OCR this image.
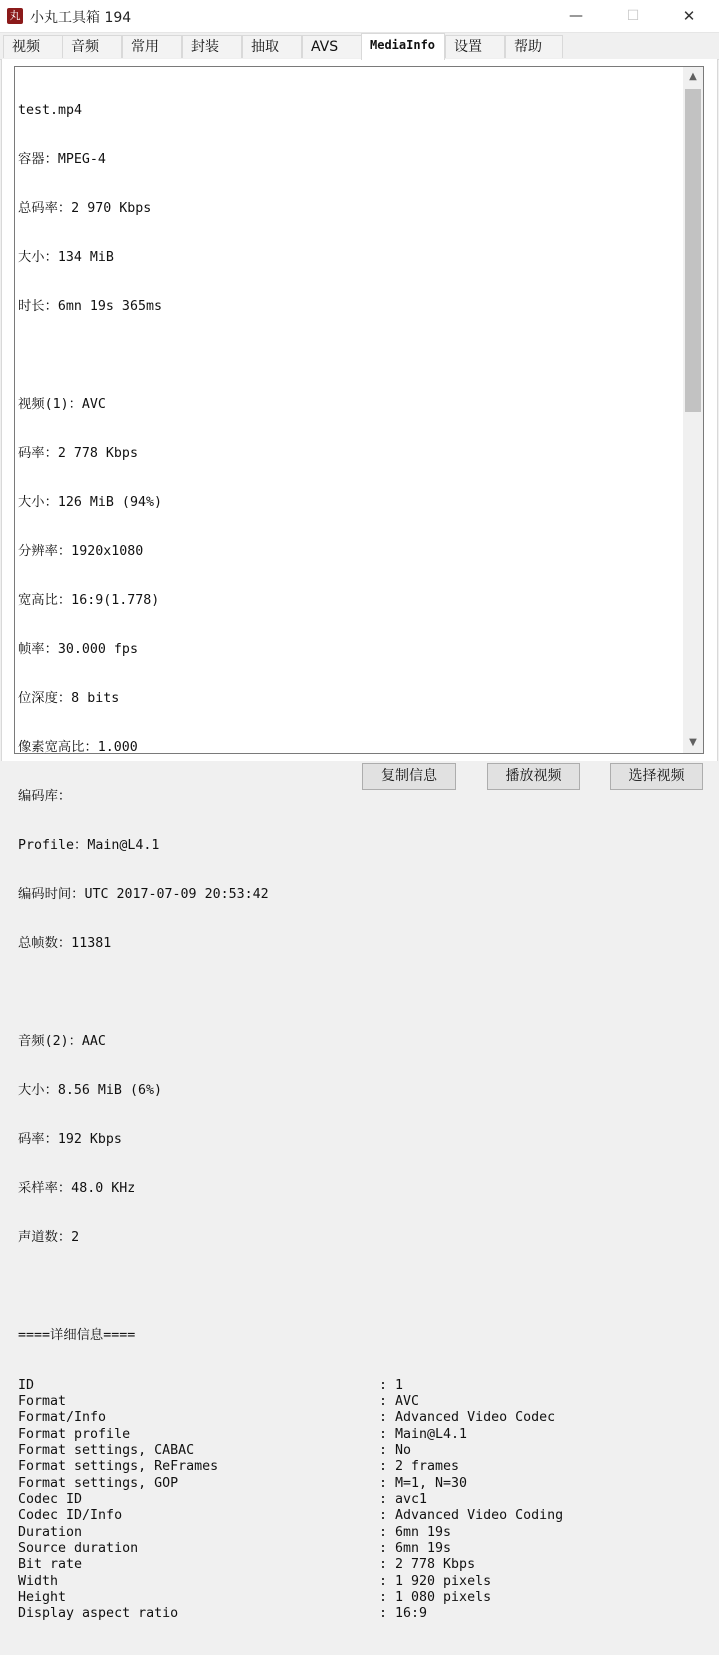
丸 小丸工具箱 194	—	☐	✕
视频	音频	常用	封装	抽取	AVS	MediaInfo	设置	帮助

test.mp4

容器：MPEG-4

总码率：2 970 Kbps

大小：134 MiB

时长：6mn 19s 365ms

视频(1)：AVC

码率：2 778 Kbps

大小：126 MiB (94%)

分辨率：1920x1080

宽高比：16:9(1.778)

帧率：30.000 fps

位深度：8 bits

像素宽高比：1.000

编码库：

Profile：Main@L4.1

编码时间：UTC 2017-07-09 20:53:42

总帧数：11381

音频(2)：AAC

大小：8.56 MiB (6%)

码率：192 Kbps

采样率：48.0 KHz

声道数：2

====详细信息====

ID	: 1
Format	: AVC
Format/Info	: Advanced Video Codec
Format profile	: Main@L4.1
Format settings, CABAC	: No
Format settings, ReFrames	: 2 frames
Format settings, GOP	: M=1, N=30
Codec ID	: avc1
Codec ID/Info	: Advanced Video Coding
Duration	: 6mn 19s
Source duration	: 6mn 19s
Bit rate	: 2 778 Kbps
Width	: 1 920 pixels
Height	: 1 080 pixels
Display aspect ratio	: 16:9

▲
▼
复制信息	播放视频	选择视频
